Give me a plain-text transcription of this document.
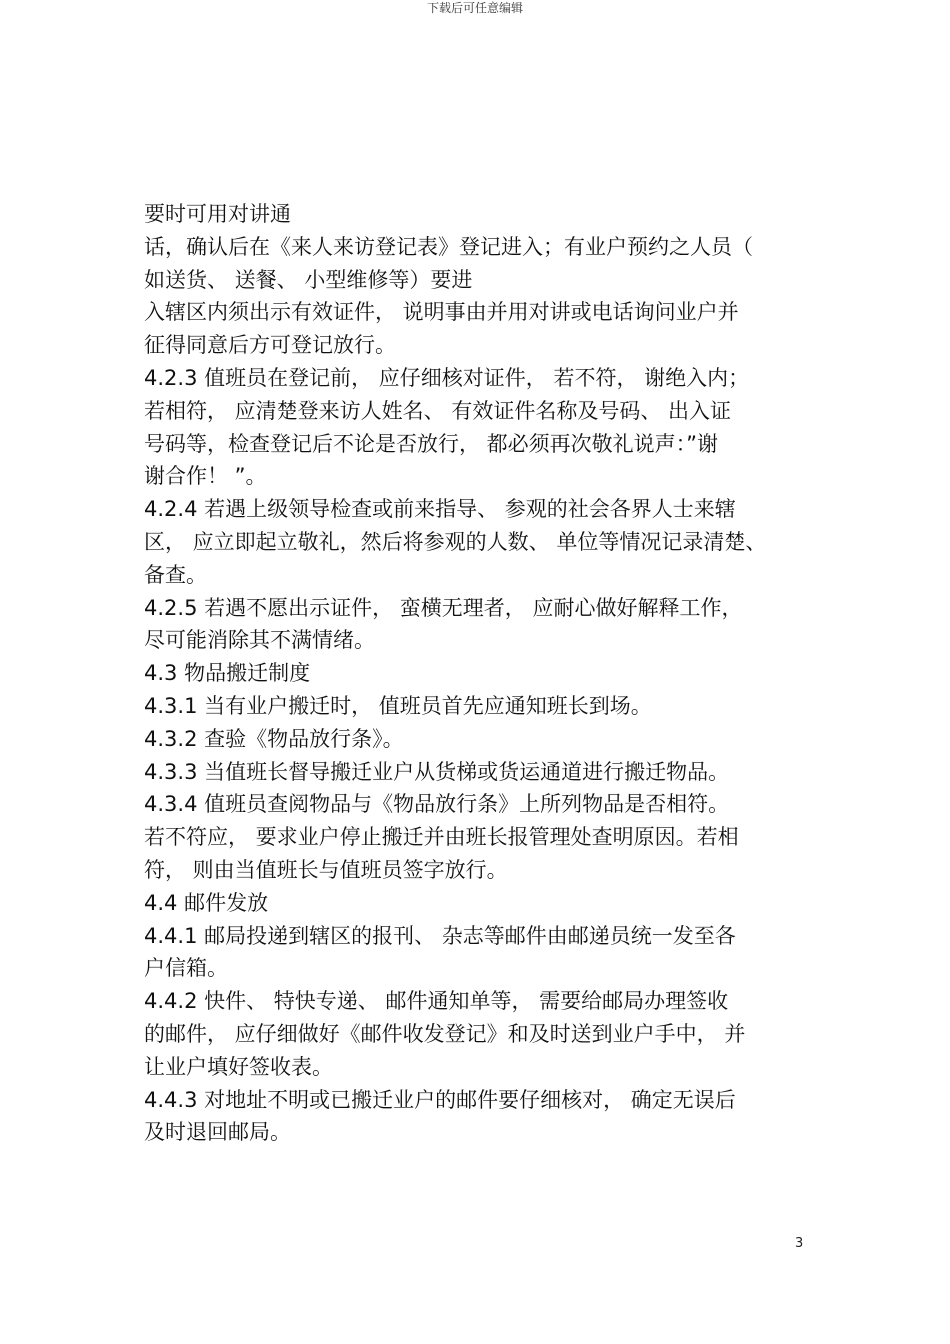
下载后可任意编辑
要时可用对讲通
话，确认后在《来人来访登记表》登记进入；有业户预约之人员（
如送货、 送餐、 小型维修等）要进
入辖区内须出示有效证件， 说明事由并用对讲或电话询问业户并
征得同意后方可登记放行。
4.2.3 值班员在登记前， 应仔细核对证件， 若不符， 谢绝入内；
若相符， 应清楚登来访人姓名、 有效证件名称及号码、 出入证
号码等，检查登记后不论是否放行， 都必须再次敬礼说声：”谢
谢合作！ ”。
4.2.4 若遇上级领导检查或前来指导、 参观的社会各界人士来辖
区， 应立即起立敬礼，然后将参观的人数、 单位等情况记录清楚、
备查。
4.2.5 若遇不愿出示证件， 蛮横无理者， 应耐心做好解释工作，
尽可能消除其不满情绪。
4.3 物品搬迁制度
4.3.1 当有业户搬迁时， 值班员首先应通知班长到场。
4.3.2 查验《物品放行条》。
4.3.3 当值班长督导搬迁业户从货梯或货运通道进行搬迁物品。
4.3.4 值班员查阅物品与《物品放行条》上所列物品是否相符。
若不符应， 要求业户停止搬迁并由班长报管理处查明原因。若相
符， 则由当值班长与值班员签字放行。
4.4 邮件发放
4.4.1 邮局投递到辖区的报刊、 杂志等邮件由邮递员统一发至各
户信箱。
4.4.2 快件、 特快专递、 邮件通知单等， 需要给邮局办理签收
的邮件， 应仔细做好《邮件收发登记》和及时送到业户手中， 并
让业户填好签收表。
4.4.3 对地址不明或已搬迁业户的邮件要仔细核对， 确定无误后
及时退回邮局。
3
